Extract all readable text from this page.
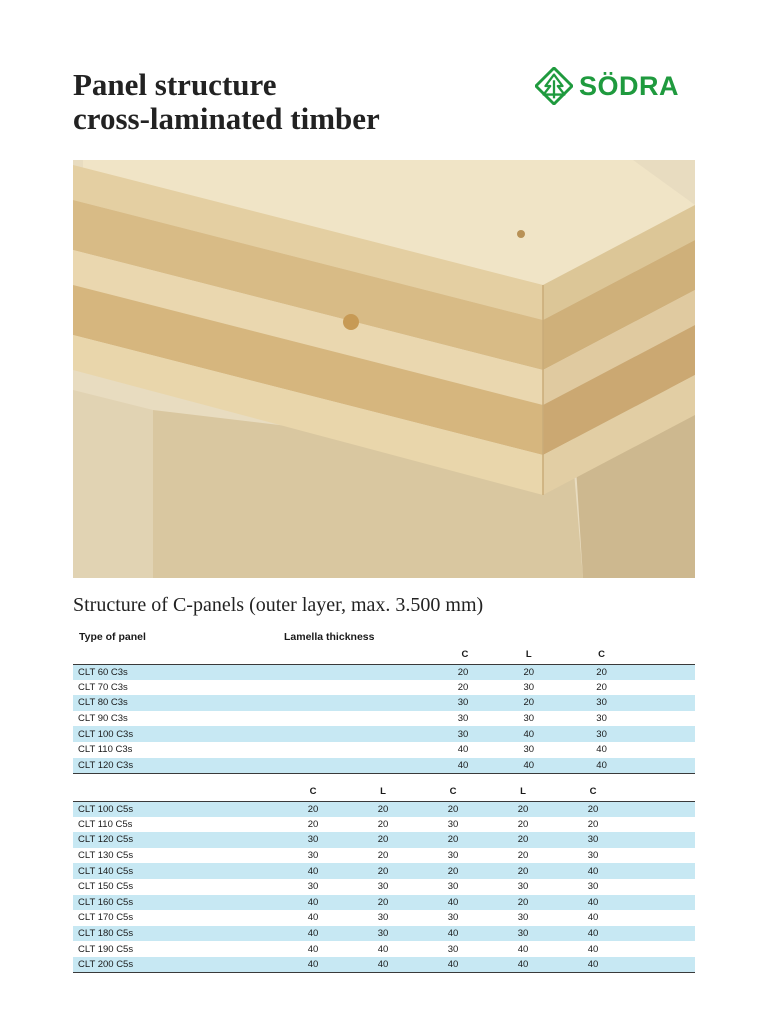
Panel structure
cross-laminated timber
SÖDRA
Structure of C-panels (outer layer, max. 3.500 mm)
Type of panel	Lamella thickness			
	C	L	C	
CLT 60 C3s	20	20	20	
CLT 70 C3s	20	30	20	
CLT 80 C3s	30	20	30	
CLT 90 C3s	30	30	30	
CLT 100 C3s	30	40	30	
CLT 110 C3s	40	30	40	
CLT 120 C3s	40	40	40	
	C	L	C	L	C	
CLT 100 C5s	20	20	20	20	20	
CLT 110 C5s	20	20	30	20	20	
CLT 120 C5s	30	20	20	20	30	
CLT 130 C5s	30	20	30	20	30	
CLT 140 C5s	40	20	20	20	40	
CLT 150 C5s	30	30	30	30	30	
CLT 160 C5s	40	20	40	20	40	
CLT 170 C5s	40	30	30	30	40	
CLT 180 C5s	40	30	40	30	40	
CLT 190 C5s	40	40	30	40	40	
CLT 200 C5s	40	40	40	40	40	
